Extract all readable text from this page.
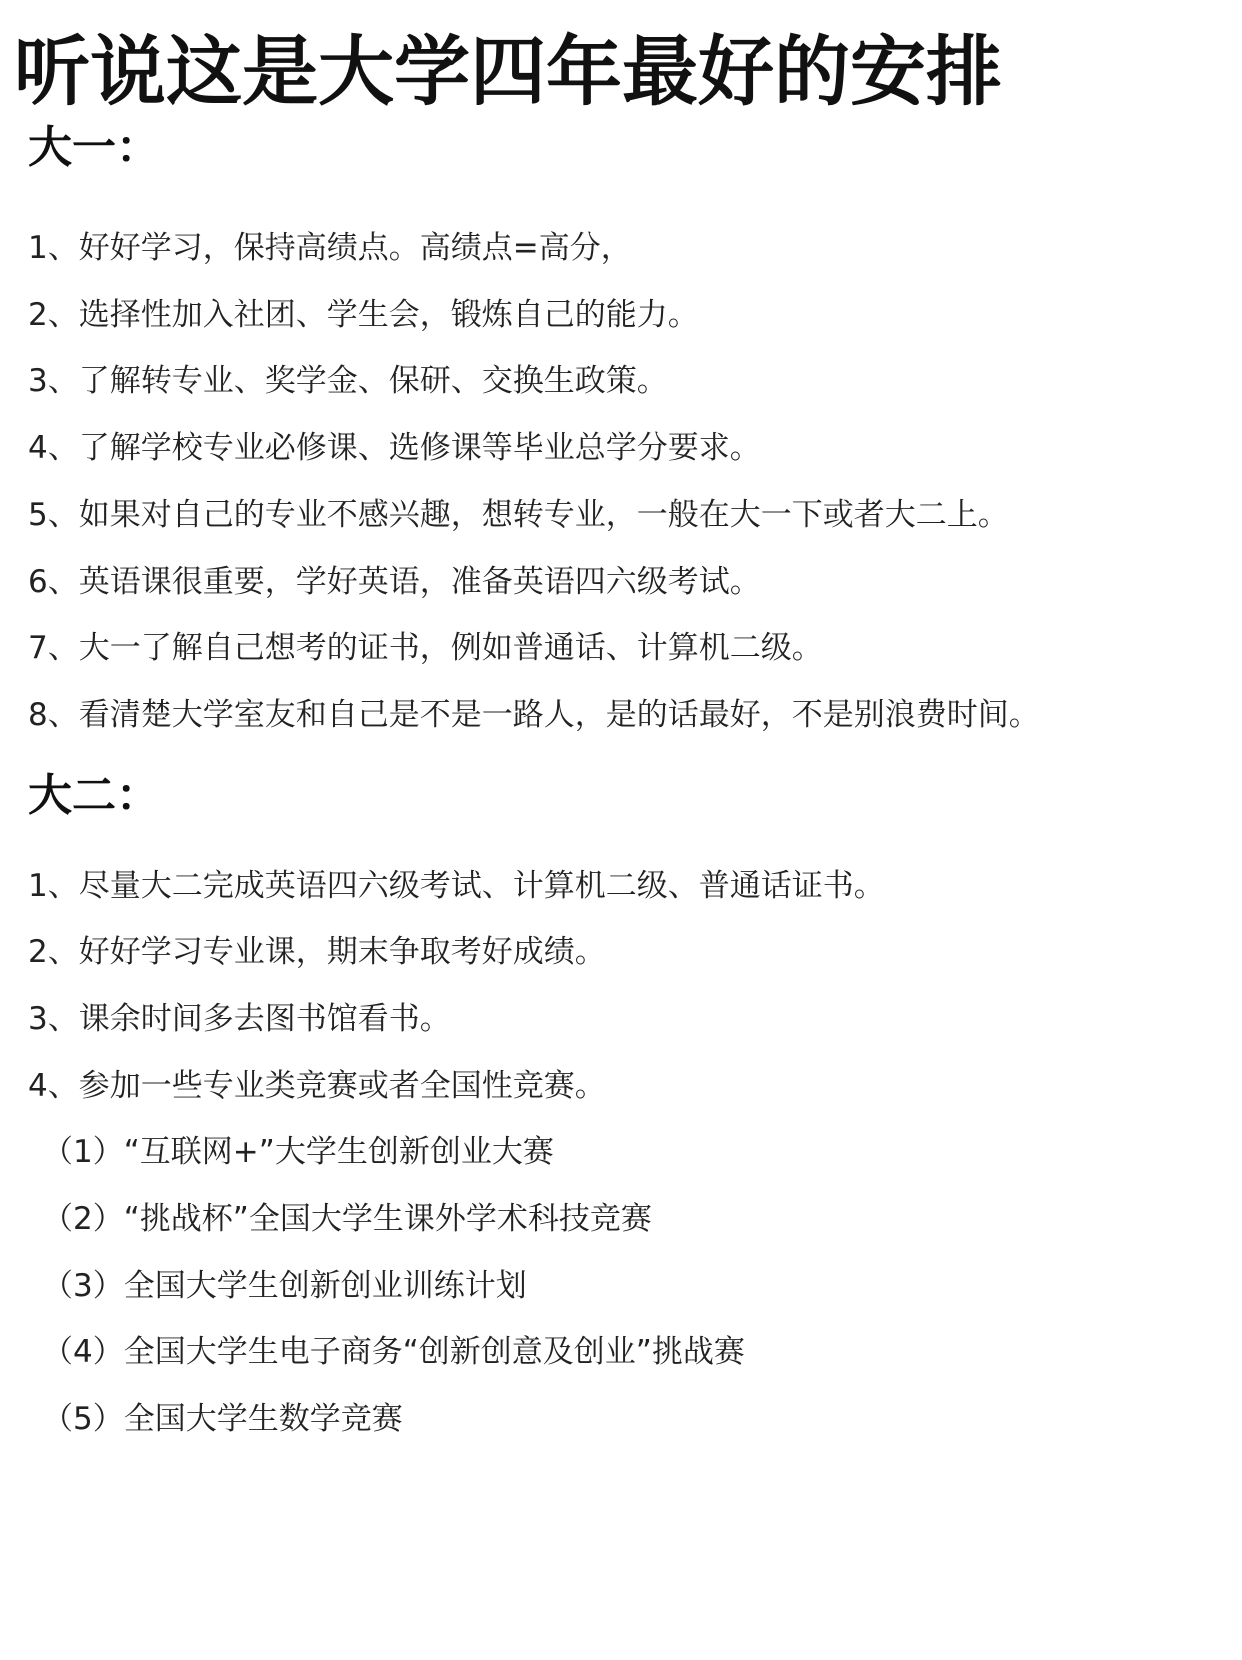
听说这是大学四年最好的安排
大一：

1、好好学习，保持高绩点。高绩点=高分，

2、选择性加入社团、学生会，锻炼自己的能力。

3、了解转专业、奖学金、保研、交换生政策。

4、了解学校专业必修课、选修课等毕业总学分要求。

5、如果对自己的专业不感兴趣，想转专业，一般在大一下或者大二上。

6、英语课很重要，学好英语，准备英语四六级考试。

7、大一了解自己想考的证书，例如普通话、计算机二级。

8、看清楚大学室友和自己是不是一路人，是的话最好，不是别浪费时间。

大二：

1、尽量大二完成英语四六级考试、计算机二级、普通话证书。

2、好好学习专业课，期末争取考好成绩。

3、课余时间多去图书馆看书。

4、参加一些专业类竞赛或者全国性竞赛。

（1）“互联网+”大学生创新创业大赛

（2）“挑战杯”全国大学生课外学术科技竞赛

（3）全国大学生创新创业训练计划

（4）全国大学生电子商务“创新创意及创业”挑战赛

（5）全国大学生数学竞赛
